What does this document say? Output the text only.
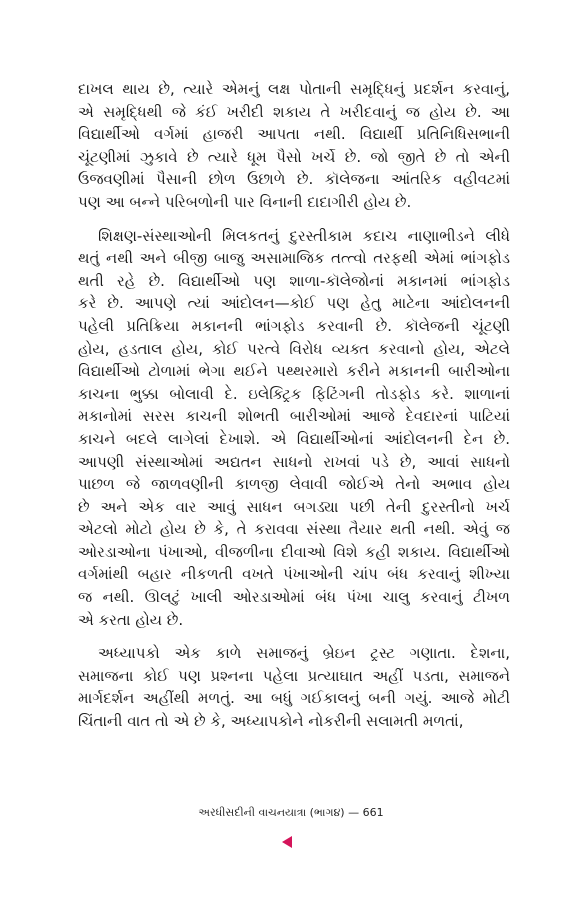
દાખલ થાય છે, ત્યારે એમનું લક્ષ પોતાની સમૃદ્ધિનું પ્રદર્શન કરવાનું,
એ સમૃદ્ધિથી જે કંઈ ખરીદી શકાય તે ખરીદવાનું જ હોય છે. આ
વિદ્યાર્થીઓ વર્ગમાં હાજરી આપતા નથી. વિદ્યાર્થી પ્રતિનિધિસભાની
ચૂંટણીમાં ઝુકાવે છે ત્યારે ધૂમ પૈસો ખર્ચે છે. જો જીતે છે તો એની
ઉજવણીમાં પૈસાની છોળ ઉછાળે છે. કૉલેજના આંતરિક વહીવટમાં
પણ આ બન્ને પરિબળોની પાર વિનાની દાદાગીરી હોય છે.

શિક્ષણ-સંસ્થાઓની મિલકતનું દુરસ્તીકામ કદાચ નાણાભીડને લીધે
થતું નથી અને બીજી બાજુ અસામાજિક તત્ત્વો તરફથી એમાં ભાંગફોડ
થતી રહે છે. વિદ્યાર્થીઓ પણ શાળા-કૉલેજોનાં મકાનમાં ભાંગફોડ
કરે છે. આપણે ત્યાં આંદોલન—કોઈ પણ હેતુ માટેના આંદોલનની
પહેલી પ્રતિક્રિયા મકાનની ભાંગફોડ કરવાની છે. કૉલેજની ચૂંટણી
હોય, હડતાલ હોય, કોઈ પરત્વે વિરોધ વ્યક્ત કરવાનો હોય, એટલે
વિદ્યાર્થીઓ ટોળામાં ભેગા થઈને પથ્થરમારો કરીને મકાનની બારીઓના
કાચના ભુક્કા બોલાવી દે. ઇલેક્ટ્રિક ફિટિંગની તોડફોડ કરે. શાળાનાં
મકાનોમાં સરસ કાચની શોભતી બારીઓમાં આજે દેવદારનાં પાટિયાં
કાચને બદલે લાગેલાં દેખાશે. એ વિદ્યાર્થીઓનાં આંદોલનની દેન છે.
આપણી સંસ્થાઓમાં અદ્યતન સાધનો રાખવાં પડે છે, આવાં સાધનો
પાછળ જે જાળવણીની કાળજી લેવાવી જોઈએ તેનો અભાવ હોય
છે અને એક વાર આવું સાધન બગડ્યા પછી તેની દુરસ્તીનો ખર્ચ
એટલો મોટો હોય છે કે, તે કરાવવા સંસ્થા તૈયાર થતી નથી. એવું જ
ઓરડાઓના પંખાઓ, વીજળીના દીવાઓ વિશે કહી શકાય. વિદ્યાર્થીઓ
વર્ગમાંથી બહાર નીકળતી વખતે પંખાઓની ચાંપ બંધ કરવાનું શીખ્યા
જ નથી. ઊલટું ખાલી ઓરડાઓમાં બંધ પંખા ચાલુ કરવાનું ટીખળ
એ કરતા હોય છે.

અધ્યાપકો એક કાળે સમાજનું બ્રેઇન ટ્રસ્ટ ગણાતા. દેશના,
સમાજના કોઈ પણ પ્રશ્નના પહેલા પ્રત્યાઘાત અહીં પડતા, સમાજને
માર્ગદર્શન અહીંથી મળતું. આ બધું ગઈકાલનું બની ગયું. આજે મોટી
ચિંતાની વાત તો એ છે કે, અધ્યાપકોને નોકરીની સલામતી મળતાં,

અરધીસદીની વાચનયાત્રા (ભાગ૪) — 661
